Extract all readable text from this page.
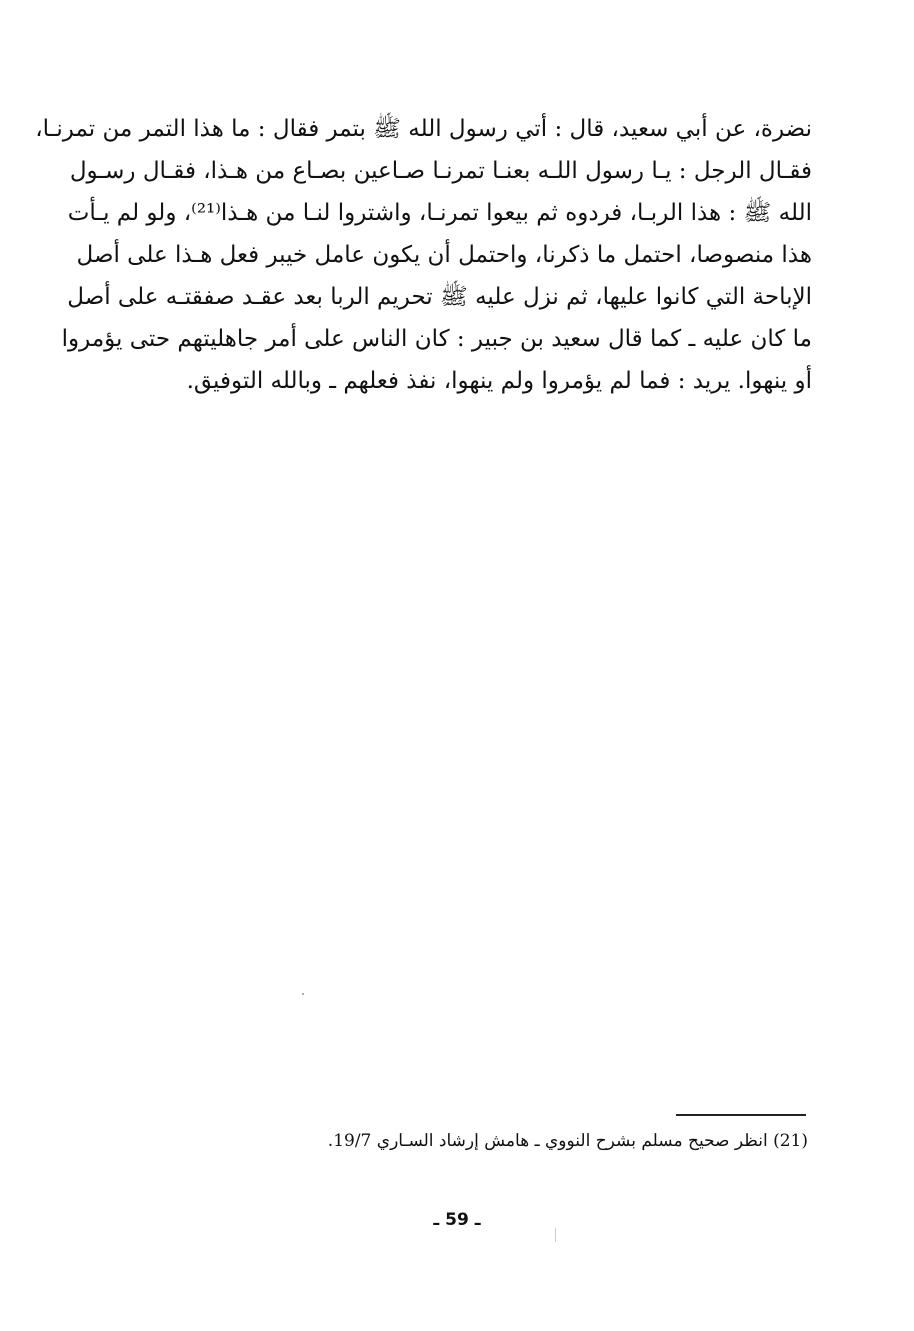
نضرة، عن أبي سعيد، قال : أتي رسول الله ﷺ بتمر فقال : ما هذا التمر من تمرنـا،
فقـال الرجل : يـا رسول اللـه بعنـا تمرنـا صـاعين بصـاع من هـذا، فقـال رسـول
الله ﷺ : هذا الربـا، فردوه ثم بيعوا تمرنـا، واشتروا لنـا من هـذا⁽²¹⁾، ولو لم يـأت
هذا منصوصا، احتمل ما ذكرنا، واحتمل أن يكون عامل خيبر فعل هـذا على أصل
الإباحة التي كانوا عليها، ثم نزل عليه ﷺ تحريم الربا بعد عقـد صفقتـه على أصل
ما كان عليه ـ كما قال سعيد بن جبير : كان الناس على أمر جاهليتهم حتى يؤمروا
أو ينهوا. يريد : فما لم يؤمروا ولم ينهوا، نفذ فعلهم ـ وبالله التوفيق.
(21) انظر صحيح مسلم بشرح النووي ـ هامش إرشاد السـاري 19/7.
ـ 59 ـ
